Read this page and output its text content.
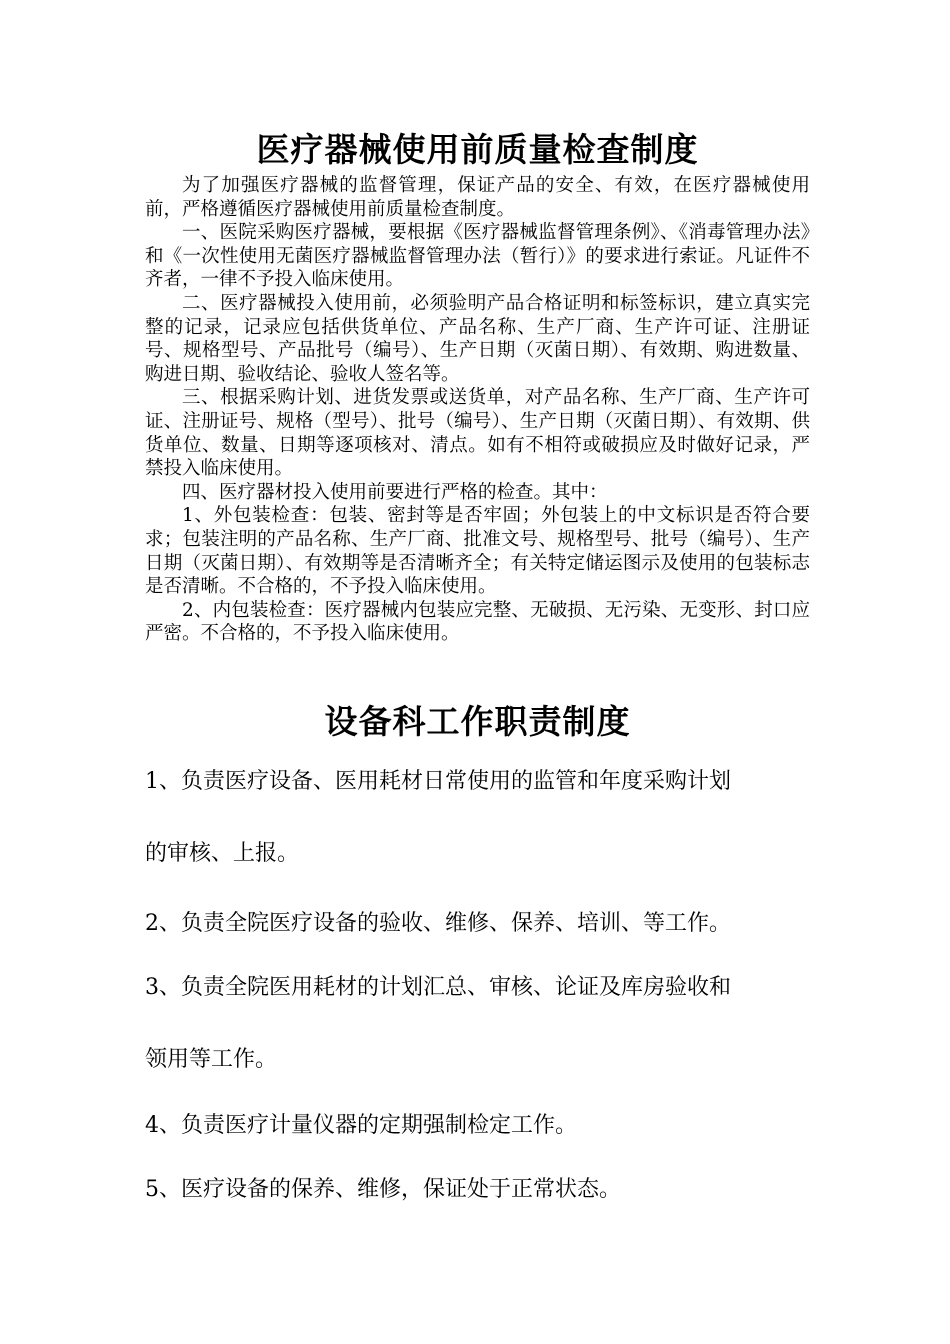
医疗器械使用前质量检查制度

为了加强医疗器械的监督管理，保证产品的安全、有效，在医疗器械使用前，严格遵循医疗器械使用前质量检查制度。

一、医院采购医疗器械，要根据《医疗器械监督管理条例》、《消毒管理办法》和《一次性使用无菌医疗器械监督管理办法（暂行）》的要求进行索证。凡证件不齐者，一律不予投入临床使用。

二、医疗器械投入使用前，必须验明产品合格证明和标签标识，建立真实完整的记录，记录应包括供货单位、产品名称、生产厂商、生产许可证、注册证号、规格型号、产品批号（编号）、生产日期（灭菌日期）、有效期、购进数量、购进日期、验收结论、验收人签名等。

三、根据采购计划、进货发票或送货单，对产品名称、生产厂商、生产许可证、注册证号、规格（型号）、批号（编号）、生产日期（灭菌日期）、有效期、供货单位、数量、日期等逐项核对、清点。如有不相符或破损应及时做好记录，严禁投入临床使用。

四、医疗器材投入使用前要进行严格的检查。其中：

1、外包装检查：包装、密封等是否牢固；外包装上的中文标识是否符合要求；包装注明的产品名称、生产厂商、批准文号、规格型号、批号（编号）、生产日期（灭菌日期）、有效期等是否清晰齐全；有关特定储运图示及使用的包装标志是否清晰。不合格的，不予投入临床使用。

2、内包装检查：医疗器械内包装应完整、无破损、无污染、无变形、封口应严密。不合格的，不予投入临床使用。

设备科工作职责制度
1、负责医疗设备、医用耗材日常使用的监管和年度采购计划
的审核、上报。
2、负责全院医疗设备的验收、维修、保养、培训、等工作。
3、负责全院医用耗材的计划汇总、审核、论证及库房验收和
领用等工作。
4、负责医疗计量仪器的定期强制检定工作。
5、医疗设备的保养、维修，保证处于正常状态。
